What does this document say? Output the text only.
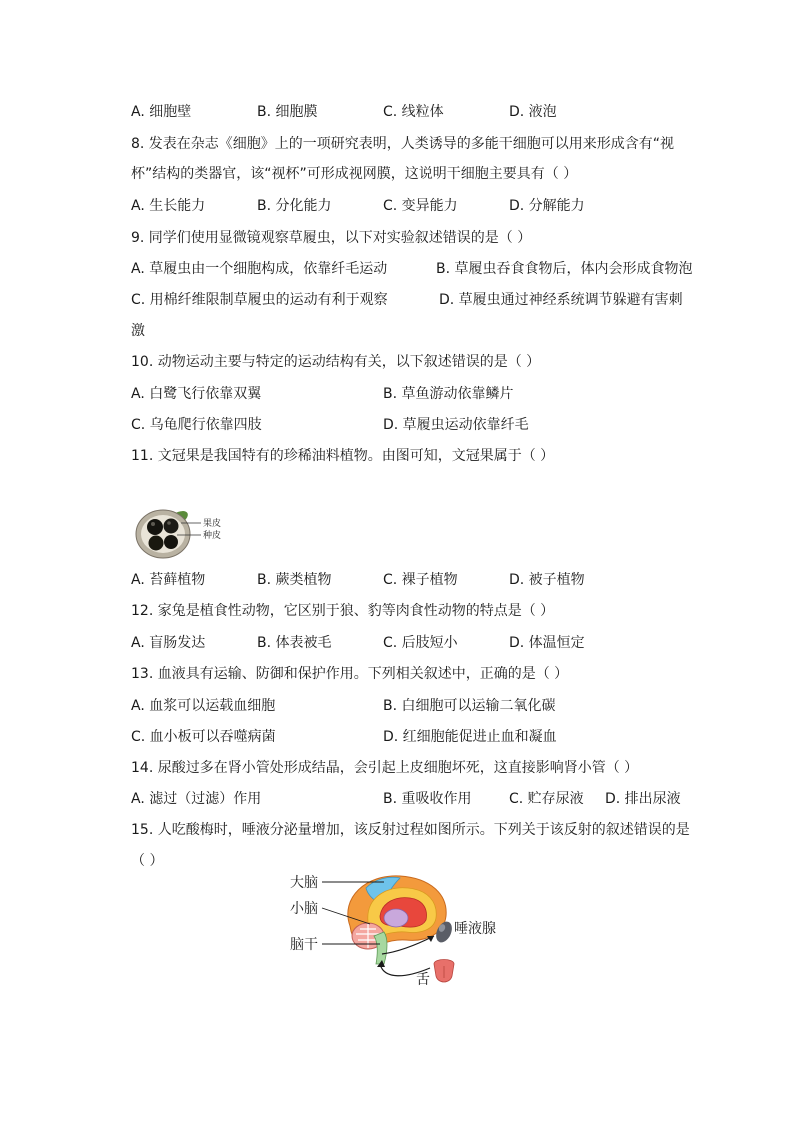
A. 细胞壁	B. 细胞膜	C. 线粒体	D. 液泡
8. 发表在杂志《细胞》上的一项研究表明，人类诱导的多能干细胞可以用来形成含有“视
杯”结构的类器官，该“视杯”可形成视网膜，这说明干细胞主要具有（ ）
A. 生长能力	B. 分化能力	C. 变异能力	D. 分解能力
9. 同学们使用显微镜观察草履虫，以下对实验叙述错误的是（ ）
A. 草履虫由一个细胞构成，依靠纤毛运动	B. 草履虫吞食食物后，体内会形成食物泡
C. 用棉纤维限制草履虫的运动有利于观察	D. 草履虫通过神经系统调节躲避有害刺
激
10. 动物运动主要与特定的运动结构有关，以下叙述错误的是（ ）
A. 白鹭飞行依靠双翼	B. 草鱼游动依靠鳞片
C. 乌龟爬行依靠四肢	D. 草履虫运动依靠纤毛
11. 文冠果是我国特有的珍稀油料植物。由图可知，文冠果属于（ ）
果皮
种皮
A. 苔藓植物	B. 蕨类植物	C. 裸子植物	D. 被子植物
12. 家兔是植食性动物，它区别于狼、豹等肉食性动物的特点是（ ）
A. 盲肠发达	B. 体表被毛	C. 后肢短小	D. 体温恒定
13. 血液具有运输、防御和保护作用。下列相关叙述中，正确的是（ ）
A. 血浆可以运载血细胞	B. 白细胞可以运输二氧化碳
C. 血小板可以吞噬病菌	D. 红细胞能促进止血和凝血
14. 尿酸过多在肾小管处形成结晶，会引起上皮细胞坏死，这直接影响肾小管（ ）
A. 滤过（过滤）作用	B. 重吸收作用	C. 贮存尿液 D. 排出尿液
15. 人吃酸梅时，唾液分泌量增加，该反射过程如图所示。下列关于该反射的叙述错误的是
（ ）
大脑
小脑
脑干
唾液腺
舌
